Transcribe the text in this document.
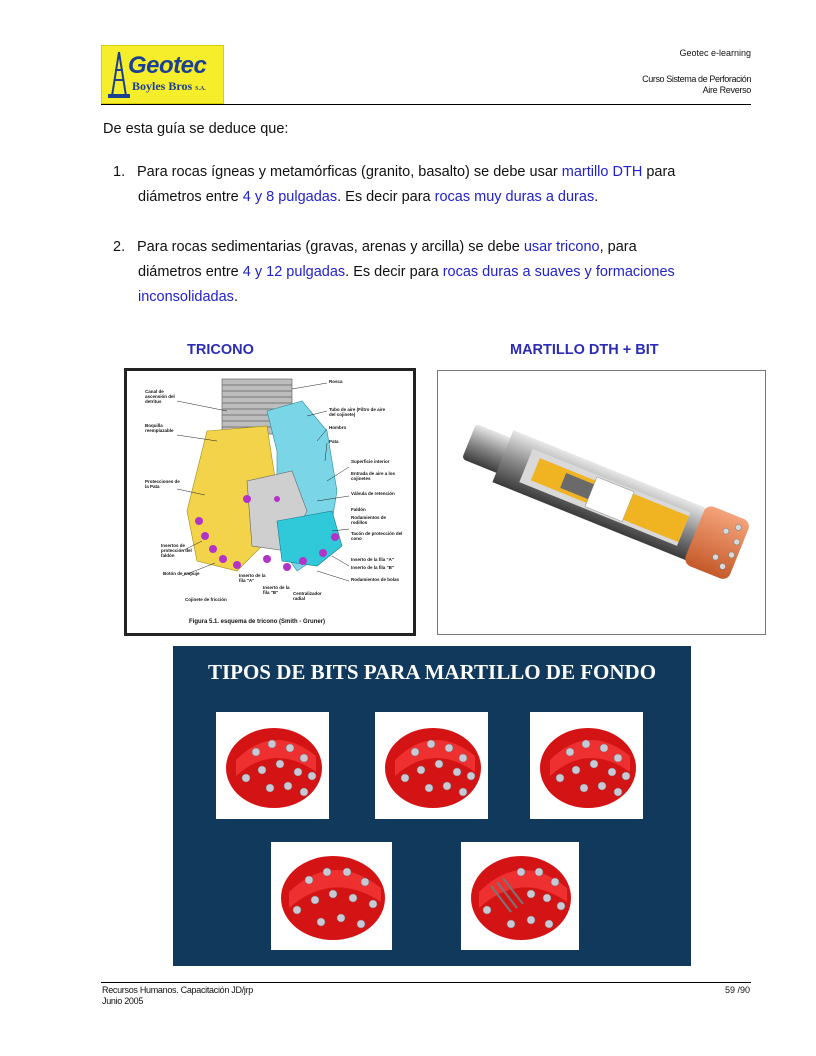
Geotec
Boyles Bros S.A.
Geotec e-learning
Curso Sistema de Perforación
Aire Reverso
De esta guía se deduce que:
1. Para rocas ígneas y metamórficas (granito, basalto) se debe usar martillo DTH para
diámetros entre 4 y 8 pulgadas. Es decir para rocas muy duras a duras.
2. Para rocas sedimentarias (gravas, arenas y arcilla) se debe usar tricono, para
diámetros entre 4 y 12 pulgadas. Es decir para rocas duras a suaves y formaciones
inconsolidadas.
TRICONO	MARTILLO DTH + BIT
Canal de ascensión del detritus
Boquilla reemplazable
Protecciones de la Pata
Insertos de protección del faldón
Botón de empuje
Cojinete de fricción
Rosca
Tubo de aire (Filtro de aire del cojinete)
Hombro
Pata
Superficie interior
Entrada de aire a los cojinetes
Válvula de retención
Faldón
Rodamientos de rodillos
Tacón de protección del cono
Inserto de la fila "A"
Inserto de la fila "B"
Rodamientos de bolas
Inserto de la fila "A"
Inserto de la fila "B"	Centralizador radial
Figura 5.1. esquema de tricono (Smith - Gruner)
TIPOS DE BITS PARA MARTILLO DE FONDO
Recursos Humanos. Capacitación JD/jrp
Junio 2005
59 /90
